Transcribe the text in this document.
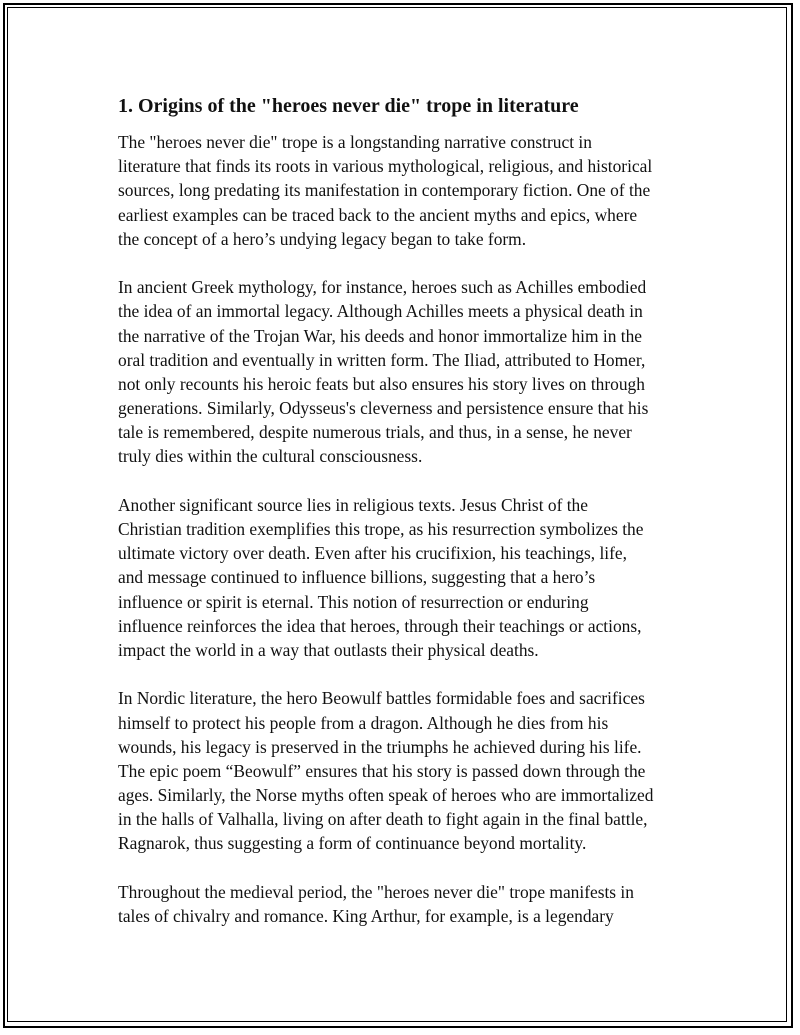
1. Origins of the "heroes never die" trope in literature

The "heroes never die" trope is a longstanding narrative construct in
literature that finds its roots in various mythological, religious, and historical
sources, long predating its manifestation in contemporary fiction. One of the
earliest examples can be traced back to the ancient myths and epics, where
the concept of a hero’s undying legacy began to take form.

In ancient Greek mythology, for instance, heroes such as Achilles embodied
the idea of an immortal legacy. Although Achilles meets a physical death in
the narrative of the Trojan War, his deeds and honor immortalize him in the
oral tradition and eventually in written form. The Iliad, attributed to Homer,
not only recounts his heroic feats but also ensures his story lives on through
generations. Similarly, Odysseus's cleverness and persistence ensure that his
tale is remembered, despite numerous trials, and thus, in a sense, he never
truly dies within the cultural consciousness.

Another significant source lies in religious texts. Jesus Christ of the
Christian tradition exemplifies this trope, as his resurrection symbolizes the
ultimate victory over death. Even after his crucifixion, his teachings, life,
and message continued to influence billions, suggesting that a hero’s
influence or spirit is eternal. This notion of resurrection or enduring
influence reinforces the idea that heroes, through their teachings or actions,
impact the world in a way that outlasts their physical deaths.

In Nordic literature, the hero Beowulf battles formidable foes and sacrifices
himself to protect his people from a dragon. Although he dies from his
wounds, his legacy is preserved in the triumphs he achieved during his life.
The epic poem “Beowulf” ensures that his story is passed down through the
ages. Similarly, the Norse myths often speak of heroes who are immortalized
in the halls of Valhalla, living on after death to fight again in the final battle,
Ragnarok, thus suggesting a form of continuance beyond mortality.

Throughout the medieval period, the "heroes never die" trope manifests in
tales of chivalry and romance. King Arthur, for example, is a legendary
